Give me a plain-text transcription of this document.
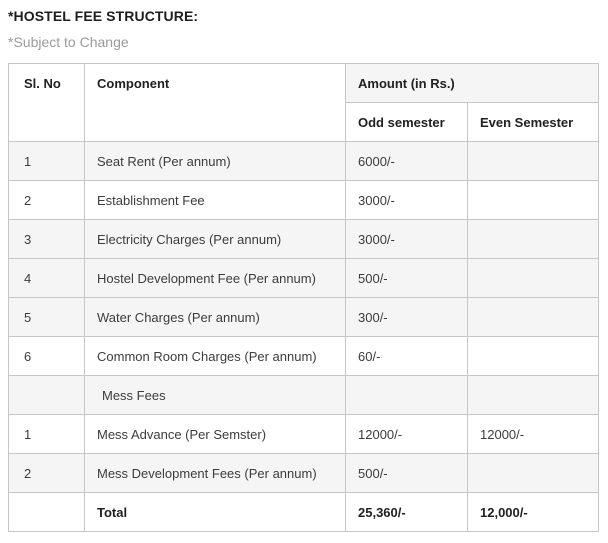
*HOSTEL FEE STRUCTURE:

*Subject to Change

Sl. No	Component	Amount (in Rs.)	
		Odd semester	Even Semester
1	Seat Rent (Per annum)	6000/-	
2	Establishment Fee	3000/-	
3	Electricity Charges (Per annum)	3000/-	
4	Hostel Development Fee (Per annum)	500/-	
5	Water Charges (Per annum)	300/-	
6	Common Room Charges (Per annum)	60/-	
	Mess Fees		
1	Mess Advance (Per Semster)	12000/-	12000/-
2	Mess Development Fees (Per annum)	500/-	
	Total	25,360/-	12,000/-
